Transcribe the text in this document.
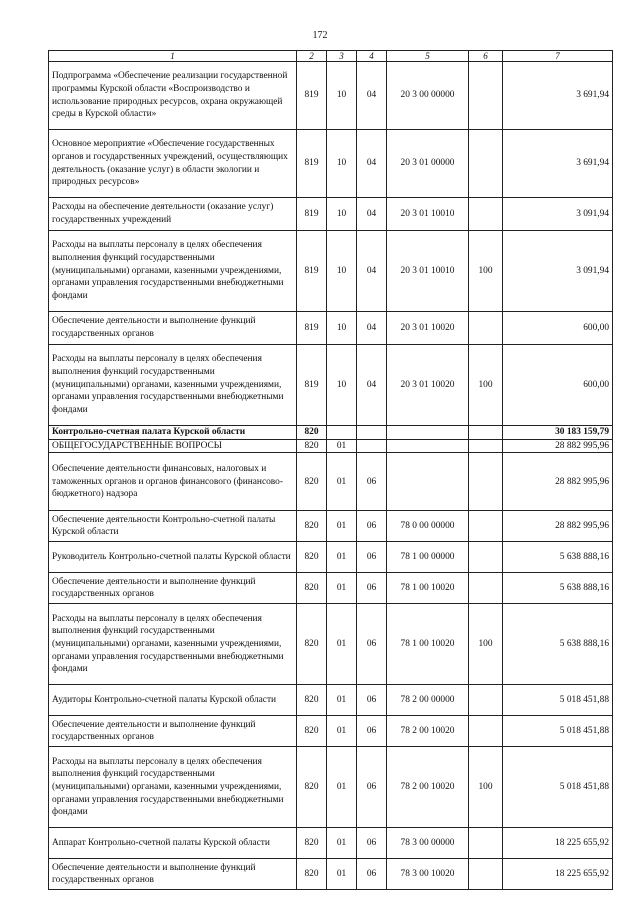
172
1	2	3	4	5	6	7
Подпрограмма «Обеспечение реализации государственной программы Курской области «Воспроизводство и использование природных ресурсов, охрана окружающей среды в Курской области»	819	10	04	20 3 00 00000		3 691,94
Основное мероприятие «Обеспечение государственных органов и государственных учреждений, осуществляющих деятельность (оказание услуг) в области экологии и природных ресурсов»	819	10	04	20 3 01 00000		3 691,94
Расходы на обеспечение деятельности (оказание услуг) государственных учреждений	819	10	04	20 3 01 10010		3 091,94
Расходы на выплаты персоналу в целях обеспечения выполнения функций государственными (муниципальными) органами, казенными учреждениями, органами управления государственными внебюджетными фондами	819	10	04	20 3 01 10010	100	3 091,94
Обеспечение деятельности и выполнение функций государственных органов	819	10	04	20 3 01 10020		600,00
Расходы на выплаты персоналу в целях обеспечения выполнения функций государственными (муниципальными) органами, казенными учреждениями, органами управления государственными внебюджетными фондами	819	10	04	20 3 01 10020	100	600,00
Контрольно-счетная палата Курской области	820					30 183 159,79
ОБЩЕГОСУДАРСТВЕННЫЕ ВОПРОСЫ	820	01				28 882 995,96
Обеспечение деятельности финансовых, налоговых и таможенных органов и органов финансового (финансово-бюджетного) надзора	820	01	06			28 882 995,96
Обеспечение деятельности Контрольно-счетной палаты Курской области	820	01	06	78 0 00 00000		28 882 995,96
Руководитель Контрольно-счетной палаты Курской области	820	01	06	78 1 00 00000		5 638 888,16
Обеспечение деятельности и выполнение функций государственных органов	820	01	06	78 1 00 10020		5 638 888,16
Расходы на выплаты персоналу в целях обеспечения выполнения функций государственными (муниципальными) органами, казенными учреждениями, органами управления государственными внебюджетными фондами	820	01	06	78 1 00 10020	100	5 638 888,16
Аудиторы Контрольно-счетной палаты Курской области	820	01	06	78 2 00 00000		5 018 451,88
Обеспечение деятельности и выполнение функций государственных органов	820	01	06	78 2 00 10020		5 018 451,88
Расходы на выплаты персоналу в целях обеспечения выполнения функций государственными (муниципальными) органами, казенными учреждениями, органами управления государственными внебюджетными фондами	820	01	06	78 2 00 10020	100	5 018 451,88
Аппарат Контрольно-счетной палаты Курской области	820	01	06	78 3 00 00000		18 225 655,92
Обеспечение деятельности и выполнение функций государственных органов	820	01	06	78 3 00 10020		18 225 655,92
